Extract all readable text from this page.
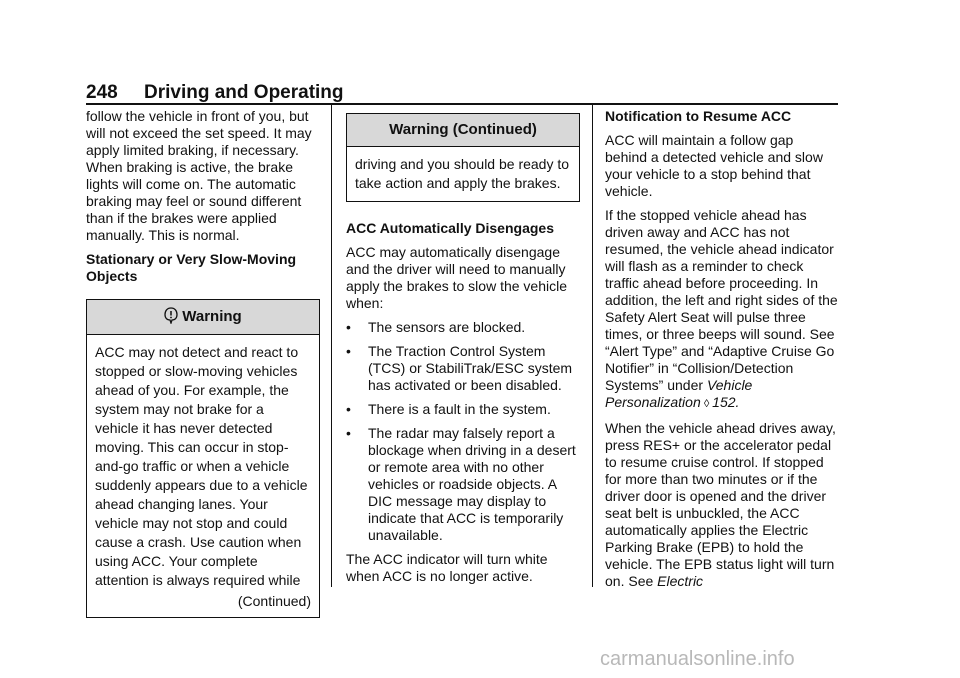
248 Driving and Operating

follow the vehicle in front of you, but will not exceed the set speed. It may apply limited braking, if necessary. When braking is active, the brake lights will come on. The automatic braking may feel or sound different than if the brakes were applied manually. This is normal.

Stationary or Very Slow-Moving Objects
Warning

ACC may not detect and react to stopped or slow-moving vehicles ahead of you. For example, the system may not brake for a vehicle it has never detected moving. This can occur in stop-and-go traffic or when a vehicle suddenly appears due to a vehicle ahead changing lanes. Your vehicle may not stop and could cause a crash. Use caution when using ACC. Your complete attention is always required while

(Continued)
Warning (Continued)

driving and you should be ready to take action and apply the brakes.

ACC Automatically Disengages

ACC may automatically disengage and the driver will need to manually apply the brakes to slow the vehicle when:

• The sensors are blocked.
• The Traction Control System (TCS) or StabiliTrak/ESC system has activated or been disabled.
• There is a fault in the system.
• The radar may falsely report a blockage when driving in a desert or remote area with no other vehicles or roadside objects. A DIC message may display to indicate that ACC is temporarily unavailable.

The ACC indicator will turn white when ACC is no longer active.

Notification to Resume ACC

ACC will maintain a follow gap behind a detected vehicle and slow your vehicle to a stop behind that vehicle.

If the stopped vehicle ahead has driven away and ACC has not resumed, the vehicle ahead indicator will flash as a reminder to check traffic ahead before proceeding. In addition, the left and right sides of the Safety Alert Seat will pulse three times, or three beeps will sound. See “Alert Type” and “Adaptive Cruise Go Notifier” in “Collision/Detection Systems” under Vehicle Personalization ◊ 152.

When the vehicle ahead drives away, press RES+ or the accelerator pedal to resume cruise control. If stopped for more than two minutes or if the driver door is opened and the driver seat belt is unbuckled, the ACC automatically applies the Electric Parking Brake (EPB) to hold the vehicle. The EPB status light will turn on. See Electric

carmanualsonline.info
